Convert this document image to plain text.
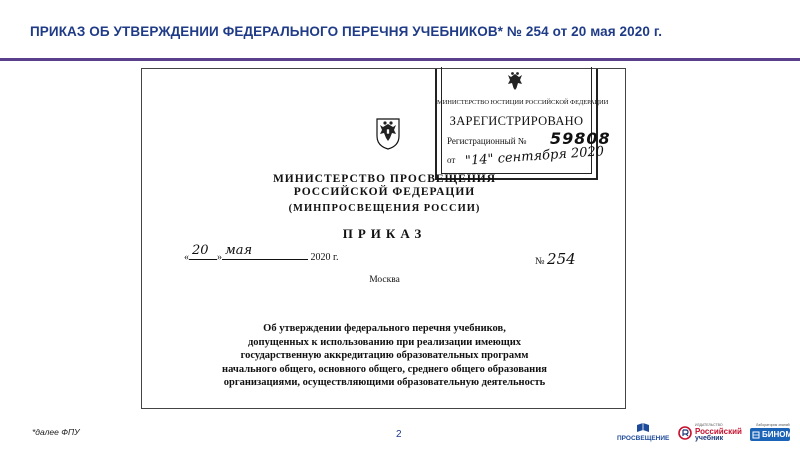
ПРИКАЗ ОБ УТВЕРЖДЕНИИ ФЕДЕРАЛЬНОГО ПЕРЕЧНЯ УЧЕБНИКОВ* № 254 от 20 мая 2020 г.
МИНИСТЕРСТВО ЮСТИЦИИ РОССИЙСКОЙ ФЕДЕРАЦИИ
ЗАРЕГИСТРИРОВАНО
Регистрационный № 59808
от "14" сентября 2020
МИНИСТЕРСТВО ПРОСВЕЩЕНИЯ
РОССИЙСКОЙ ФЕДЕРАЦИИ
(МИНПРОСВЕЩЕНИЯ РОССИИ)
ПРИКАЗ
« 20 » мая	2020 г.	№ 254
Москва
Об утверждении федерального перечня учебников,
допущенных к использованию при реализации имеющих
государственную аккредитацию образовательных программ
начального общего, основного общего, среднего общего образования
организациями, осуществляющими образовательную деятельность
*далее ФПУ	2	ПРОСВЕЩЕНИЕ
ИЗДАТЕЛЬСТВО
Российский
учебник
Лаборатория знаний
БИНОМ
